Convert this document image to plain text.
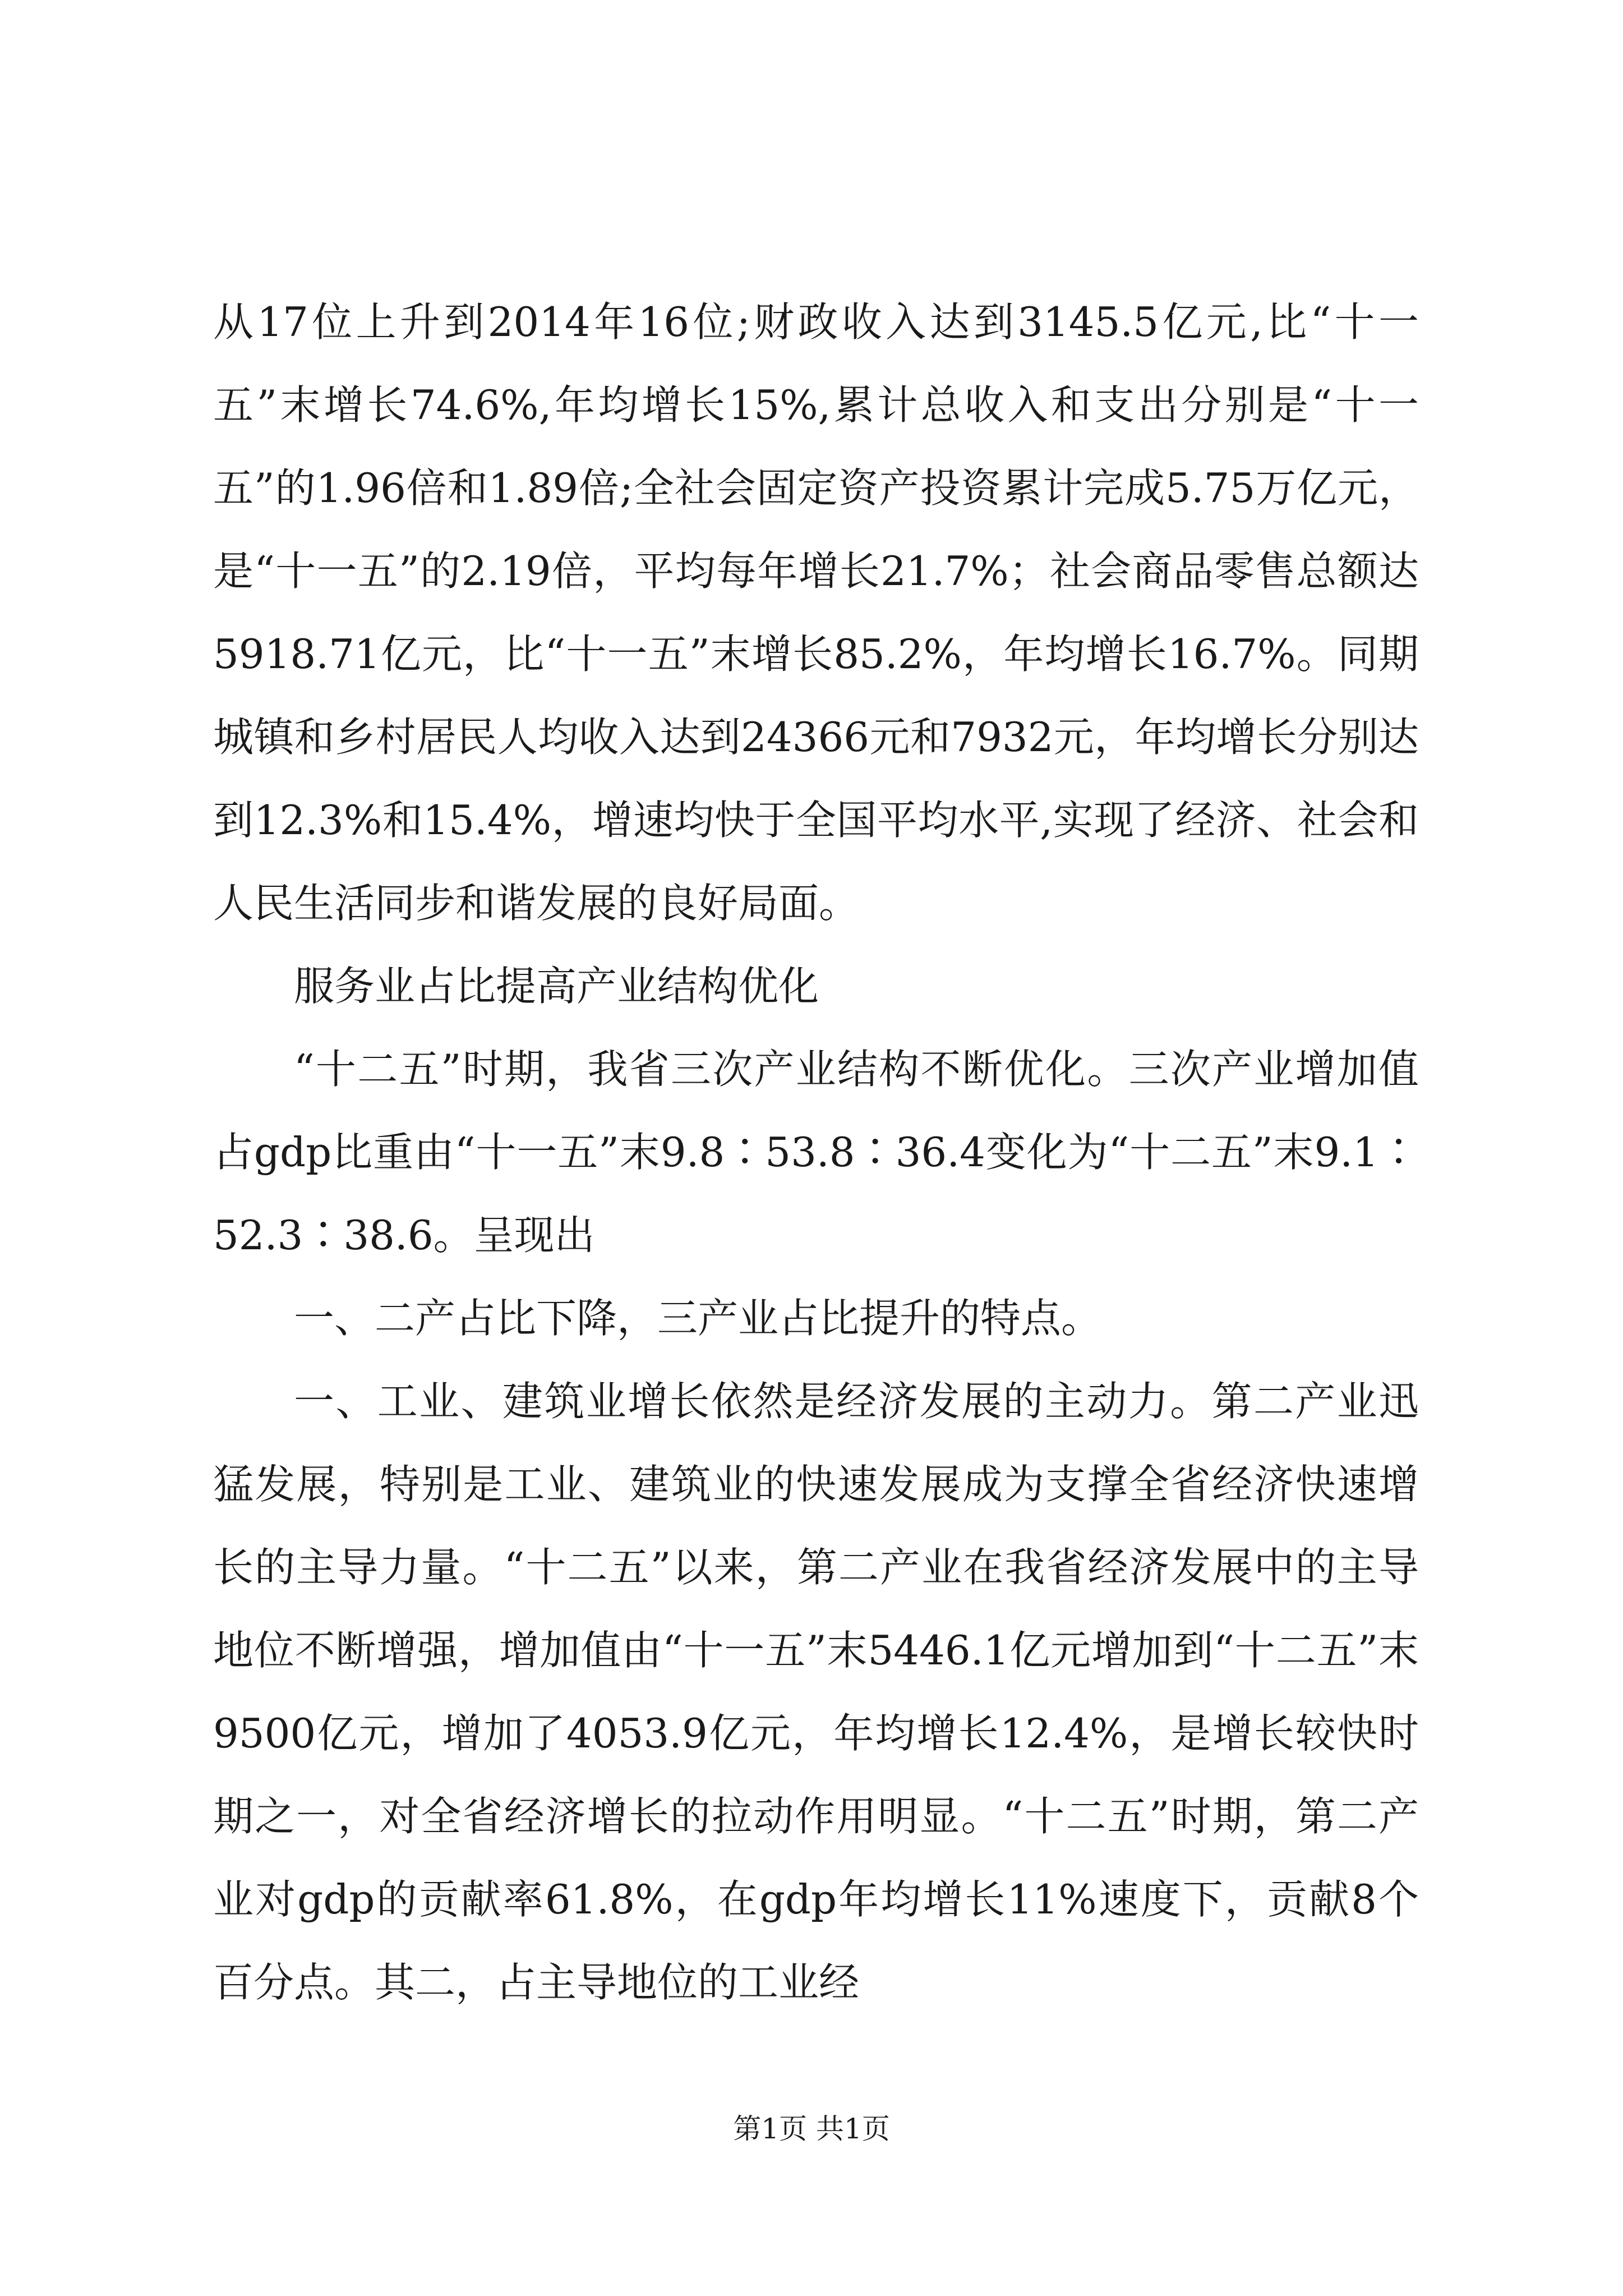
从17位上升到2014年16位;财政收入达到3145.5亿元,比“十一五”末增长74.6%,年均增长15%,累计总收入和支出分别是“十一五”的1.96倍和1.89倍;全社会固定资产投资累计完成5.75万亿元，是“十一五”的2.19倍，平均每年增长21.7%；社会商品零售总额达5918.71亿元，比“十一五”末增长85.2%，年均增长16.7%。同期城镇和乡村居民人均收入达到24366元和7932元，年均增长分别达到12.3%和15.4%，增速均快于全国平均水平,实现了经济、社会和人民生活同步和谐发展的良好局面。

服务业占比提高产业结构优化

“十二五”时期，我省三次产业结构不断优化。三次产业增加值占gdp比重由“十一五”末9.8∶53.8∶36.4变化为“十二五”末9.1∶52.3∶38.6。呈现出

一、二产占比下降，三产业占比提升的特点。

一、工业、建筑业增长依然是经济发展的主动力。第二产业迅猛发展，特别是工业、建筑业的快速发展成为支撑全省经济快速增长的主导力量。“十二五”以来，第二产业在我省经济发展中的主导地位不断增强，增加值由“十一五”末5446.1亿元增加到“十二五”末9500亿元，增加了4053.9亿元，年均增长12.4%，是增长较快时期之一，对全省经济增长的拉动作用明显。“十二五”时期，第二产业对gdp的贡献率61.8%，在gdp年均增长11%速度下，贡献8个百分点。其二，占主导地位的工业经

第1页 共1页
